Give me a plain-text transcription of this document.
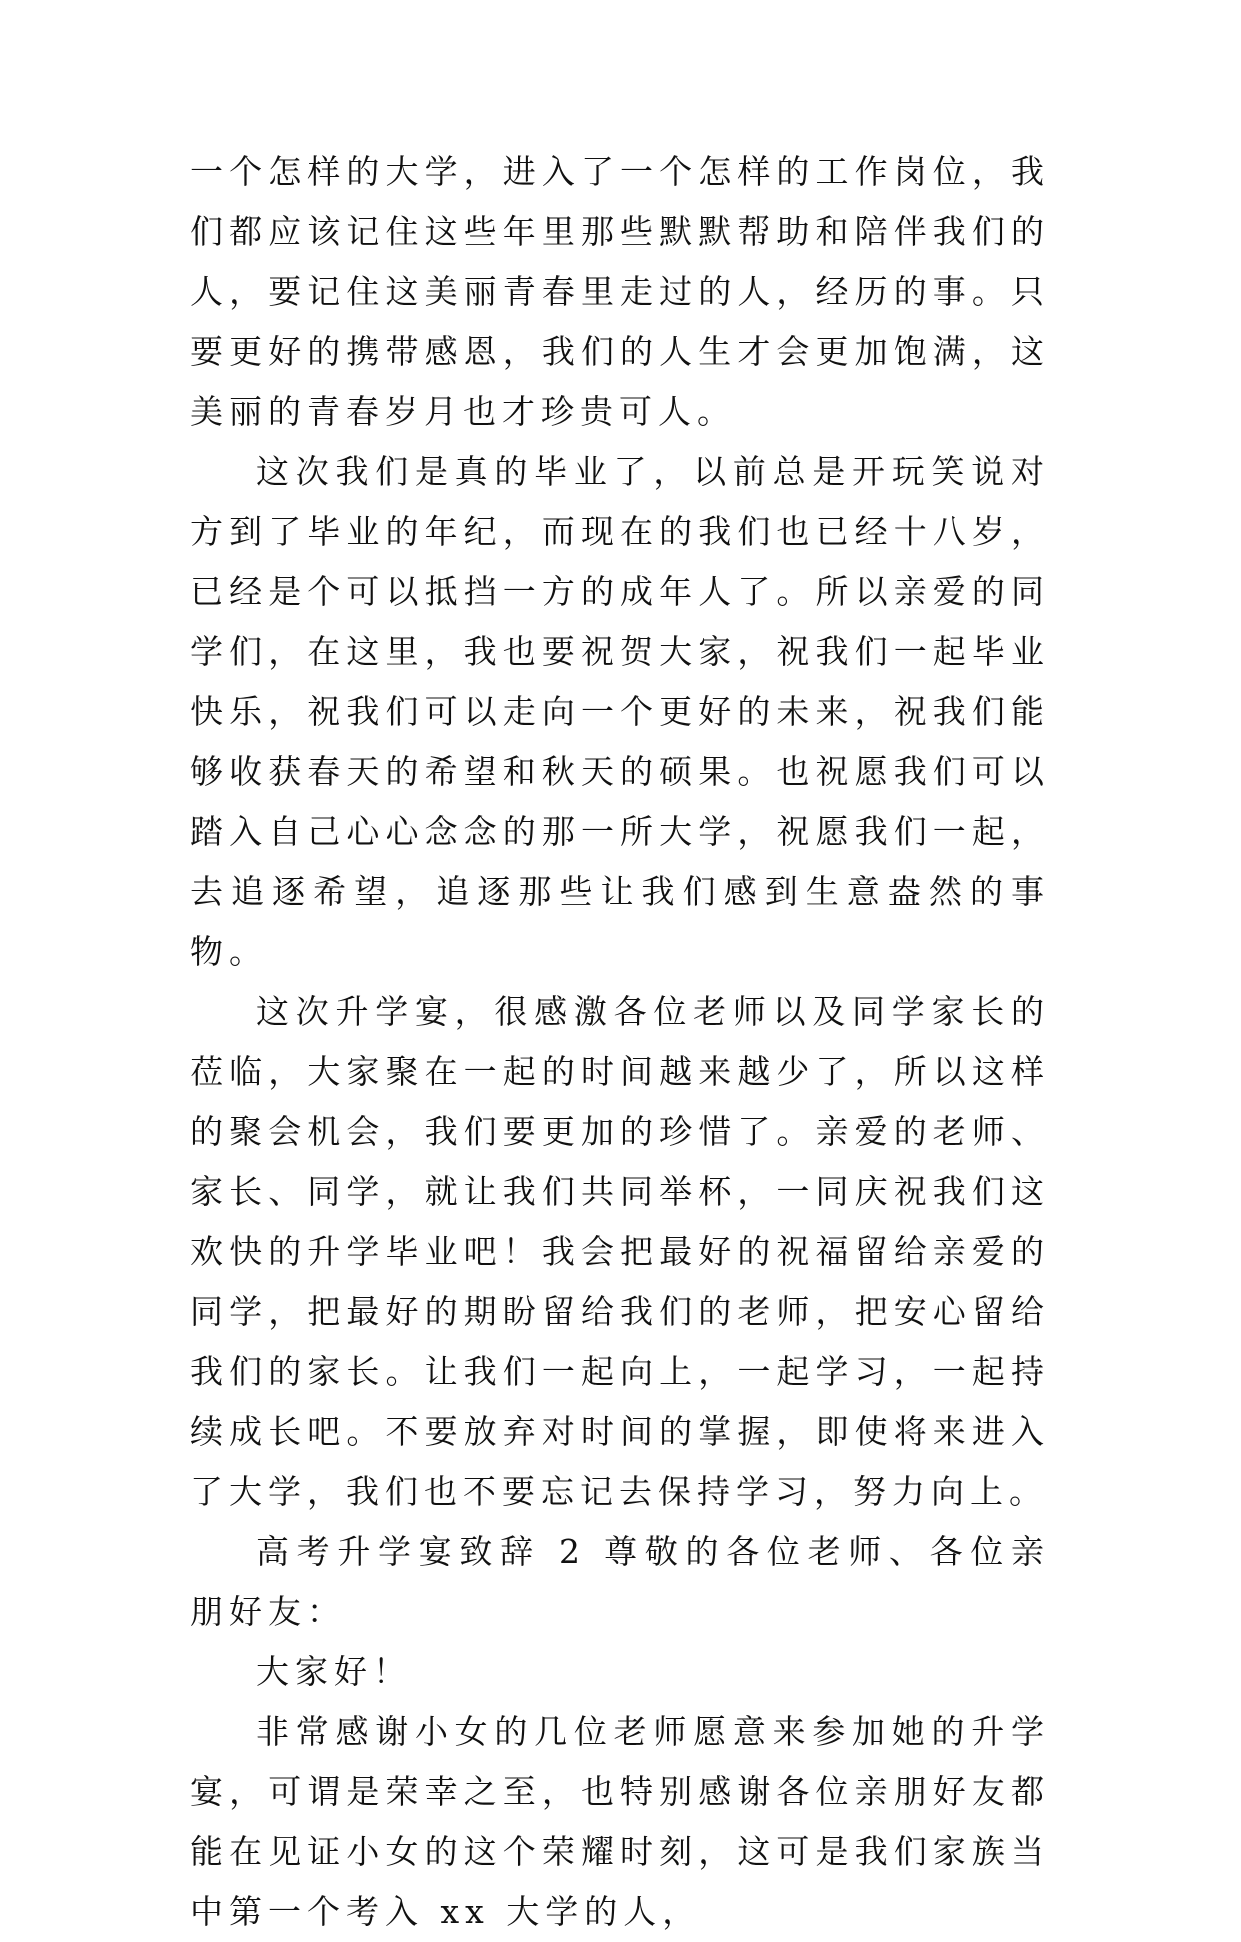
一个怎样的大学，进入了一个怎样的工作岗位，我们都应该记住这些年里那些默默帮助和陪伴我们的人，要记住这美丽青春里走过的人，经历的事。只要更好的携带感恩，我们的人生才会更加饱满，这美丽的青春岁月也才珍贵可人。

这次我们是真的毕业了，以前总是开玩笑说对方到了毕业的年纪，而现在的我们也已经十八岁，已经是个可以抵挡一方的成年人了。所以亲爱的同学们，在这里，我也要祝贺大家，祝我们一起毕业快乐，祝我们可以走向一个更好的未来，祝我们能够收获春天的希望和秋天的硕果。也祝愿我们可以踏入自己心心念念的那一所大学，祝愿我们一起，去追逐希望，追逐那些让我们感到生意盎然的事物。

这次升学宴，很感激各位老师以及同学家长的莅临，大家聚在一起的时间越来越少了，所以这样的聚会机会，我们要更加的珍惜了。亲爱的老师、家长、同学，就让我们共同举杯，一同庆祝我们这欢快的升学毕业吧！我会把最好的祝福留给亲爱的同学，把最好的期盼留给我们的老师，把安心留给我们的家长。让我们一起向上，一起学习，一起持续成长吧。不要放弃对时间的掌握，即使将来进入了大学，我们也不要忘记去保持学习，努力向上。

高考升学宴致辞 2 尊敬的各位老师、各位亲朋好友：

大家好！

非常感谢小女的几位老师愿意来参加她的升学宴，可谓是荣幸之至，也特别感谢各位亲朋好友都能在见证小女的这个荣耀时刻，这可是我们家族当中第一个考入 xx 大学的人，
